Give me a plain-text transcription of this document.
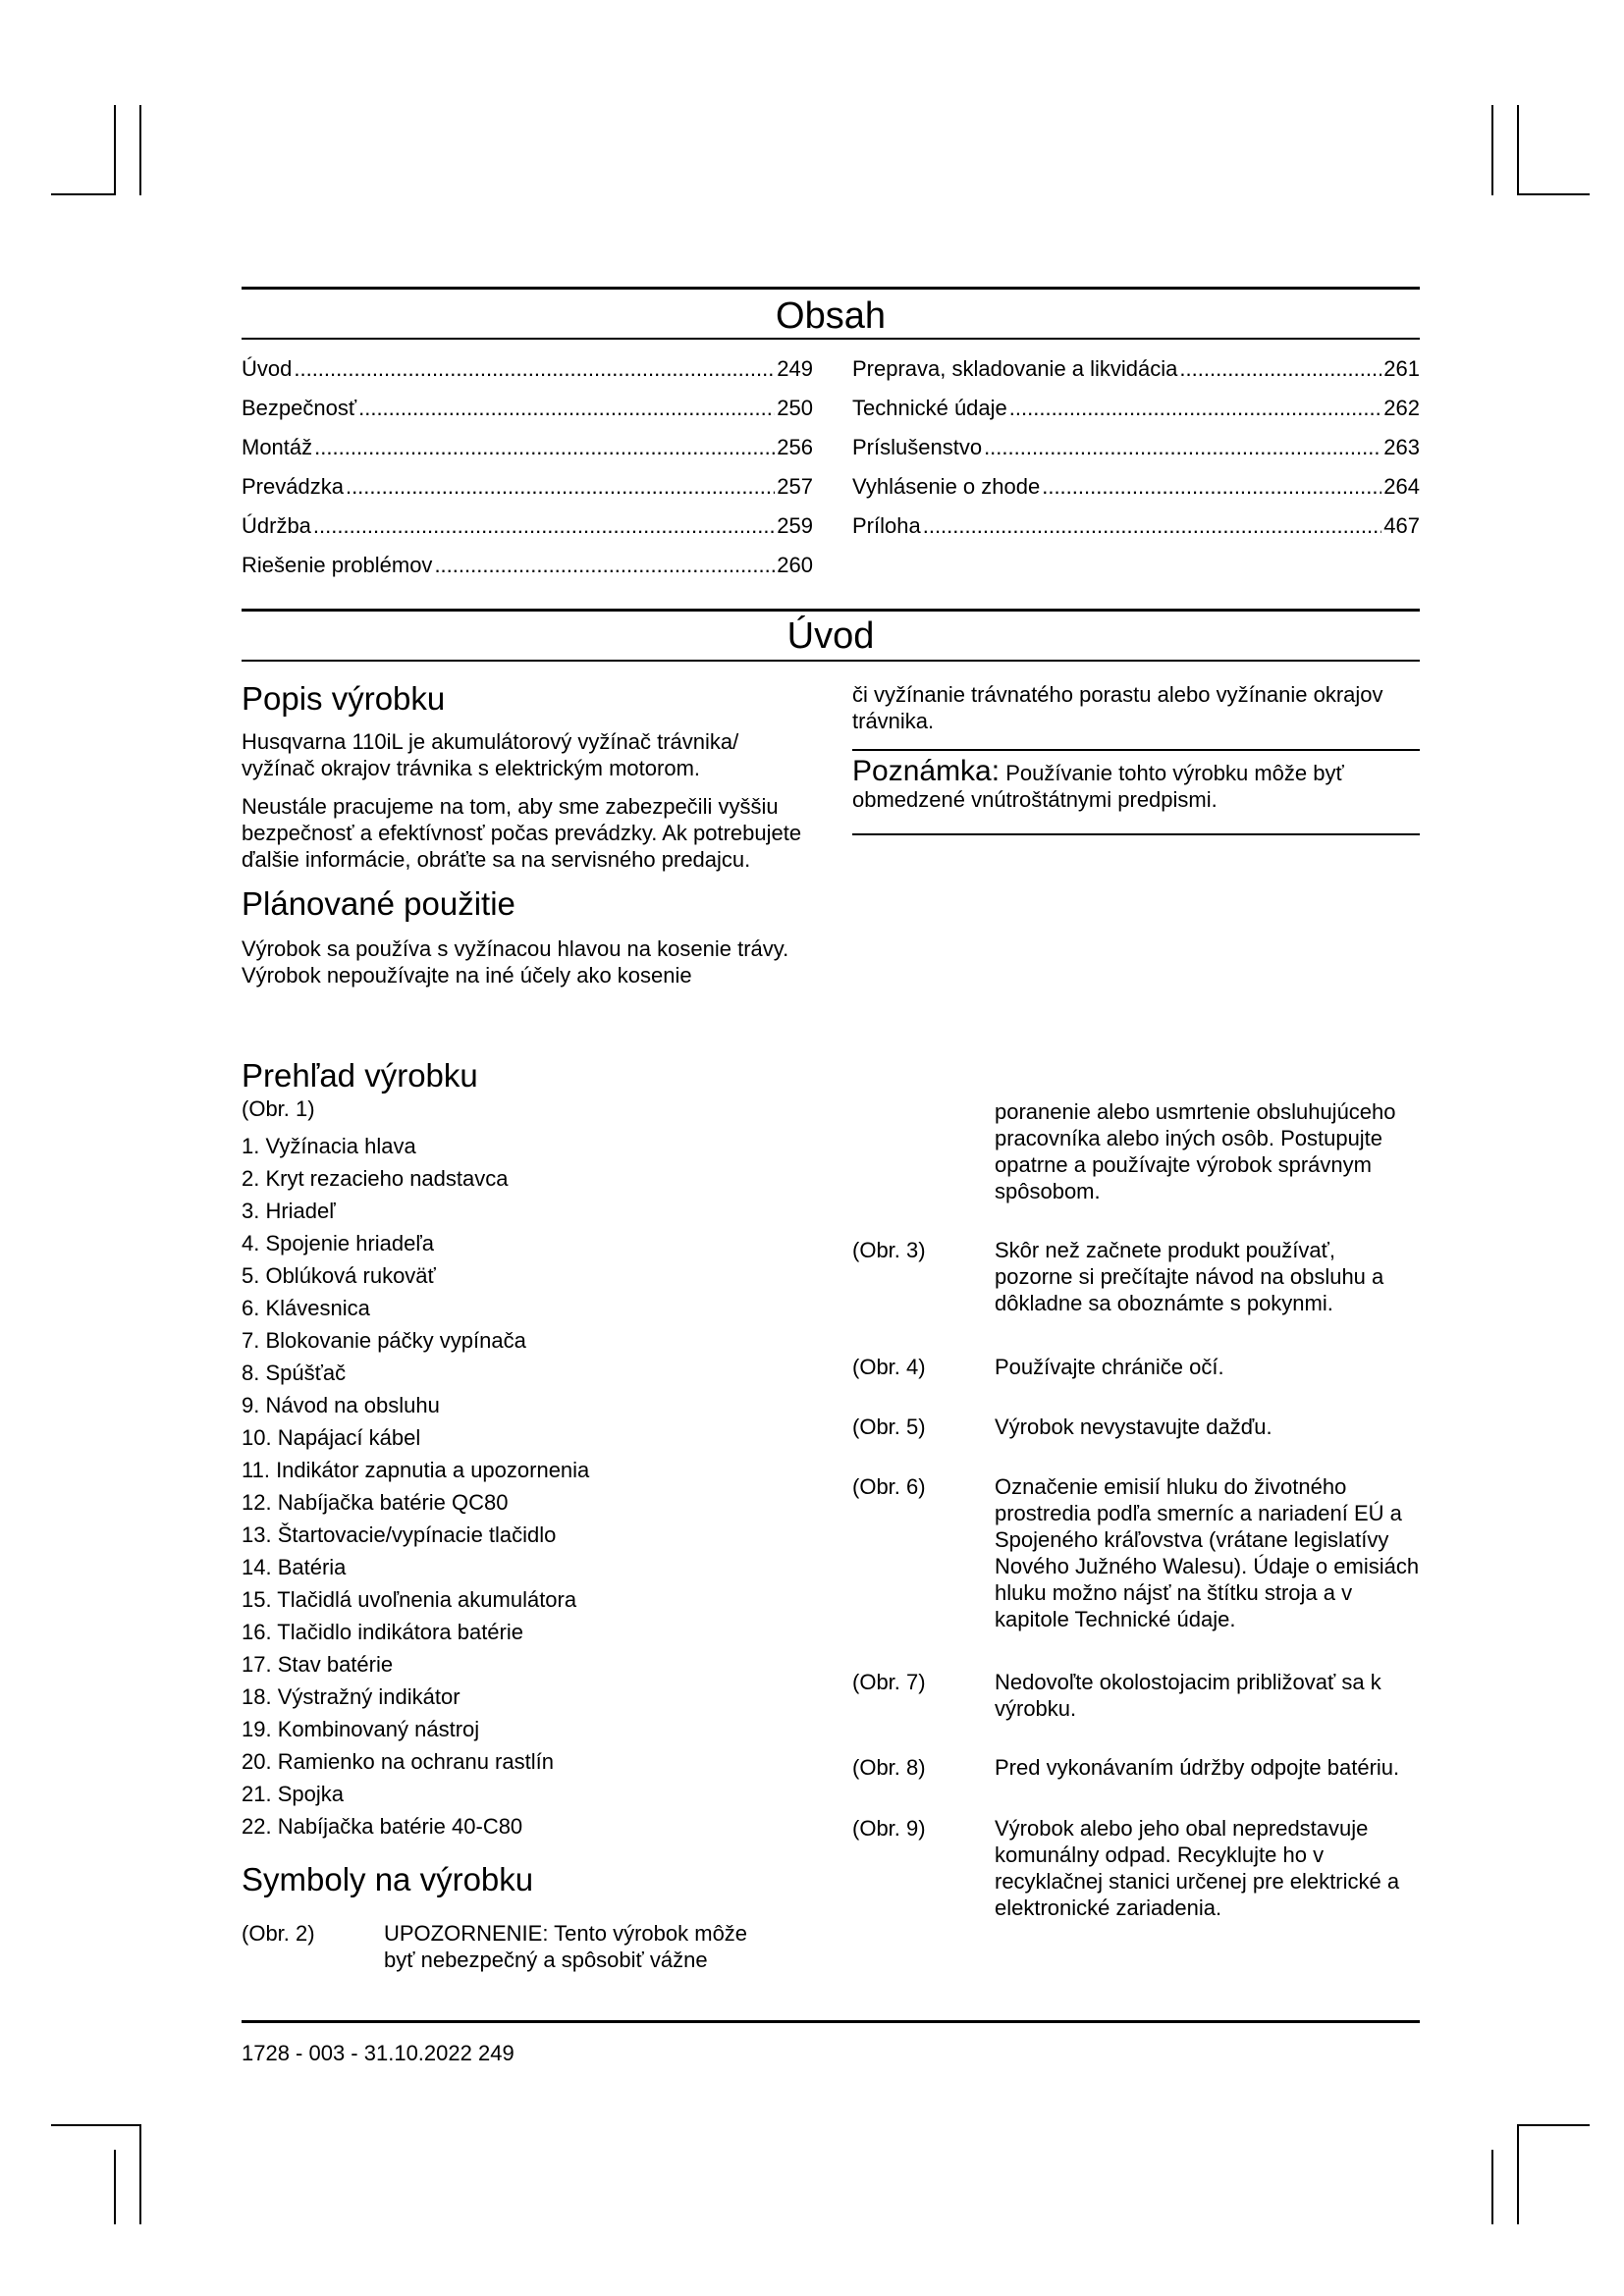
Obsah
Úvod .....	249
Bezpečnosť .....	250
Montáž .....	256
Prevádzka .....	257
Údržba .....	259
Riešenie problémov .....	260
Preprava, skladovanie a likvidácia .....	261
Technické údaje .....	262
Príslušenstvo .....	263
Vyhlásenie o zhode .....	264
Príloha .....	467
Úvod
Popis výrobku

Husqvarna 110iL je akumulátorový vyžínač trávnika/ vyžínač okrajov trávnika s elektrickým motorom.

Neustále pracujeme na tom, aby sme zabezpečili vyššiu bezpečnosť a efektívnosť počas prevádzky. Ak potrebujete ďalšie informácie, obráťte sa na servisného predajcu.

Plánované použitie

Výrobok sa používa s vyžínacou hlavou na kosenie trávy. Výrobok nepoužívajte na iné účely ako kosenie

či vyžínanie trávnatého porastu alebo vyžínanie okrajov trávnika.

Poznámka: Používanie tohto výrobku môže byť obmedzené vnútroštátnymi predpismi.
Prehľad výrobku

(Obr. 1)

1. Vyžínacia hlava
2. Kryt rezacieho nadstavca
3. Hriadeľ
4. Spojenie hriadeľa
5. Oblúková rukoväť
6. Klávesnica
7. Blokovanie páčky vypínača
8. Spúšťač
9. Návod na obsluhu
10. Napájací kábel
11. Indikátor zapnutia a upozornenia
12. Nabíjačka batérie QC80
13. Štartovacie/vypínacie tlačidlo
14. Batéria
15. Tlačidlá uvoľnenia akumulátora
16. Tlačidlo indikátora batérie
17. Stav batérie
18. Výstražný indikátor
19. Kombinovaný nástroj
20. Ramienko na ochranu rastlín
21. Spojka
22. Nabíjačka batérie 40-C80
Symboly na výrobku
(Obr. 2)	UPOZORNENIE: Tento výrobok môže byť nebezpečný a spôsobiť vážne

poranenie alebo usmrtenie obsluhujúceho pracovníka alebo iných osôb. Postupujte opatrne a používajte výrobok správnym spôsobom.

(Obr. 3)	Skôr než začnete produkt používať, pozorne si prečítajte návod na obsluhu a dôkladne sa oboznámte s pokynmi.
(Obr. 4)	Používajte chrániče očí.
(Obr. 5)	Výrobok nevystavujte dažďu.
(Obr. 6)	Označenie emisií hluku do životného prostredia podľa smerníc a nariadení EÚ a Spojeného kráľovstva (vrátane legislatívy Nového Južného Walesu). Údaje o emisiách hluku možno nájsť na štítku stroja a v kapitole Technické údaje.
(Obr. 7)	Nedovoľte okolostojacim približovať sa k výrobku.
(Obr. 8)	Pred vykonávaním údržby odpojte batériu.
(Obr. 9)	Výrobok alebo jeho obal nepredstavuje komunálny odpad. Recyklujte ho v recyklačnej stanici určenej pre elektrické a elektronické zariadenia.
1728 - 003 - 31.10.2022 249
